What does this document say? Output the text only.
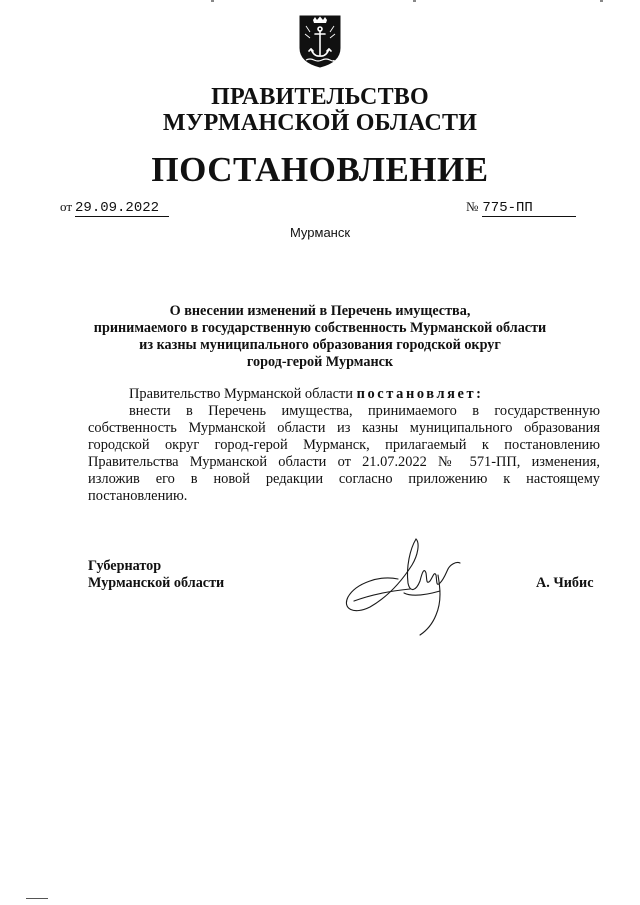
ПРАВИТЕЛЬСТВО
МУРМАНСКОЙ ОБЛАСТИ
ПОСТАНОВЛЕНИЕ
от 29.09.2022	№ 775-ПП
Мурманск
О внесении изменений в Перечень имущества,
принимаемого в государственную собственность Мурманской области
из казны муниципального образования городской округ
город-герой Мурманск
Правительство Мурманской области постановляет:
внести в Перечень имущества, принимаемого в государственную собственность Мурманской области из казны муниципального образования городской округ город-герой Мурманск, прилагаемый к постановлению Правительства Мурманской области от 21.07.2022 № 571-ПП, изменения, изложив его в новой редакции согласно приложению к настоящему постановлению.
Губернатор
Мурманской области	А. Чибис
